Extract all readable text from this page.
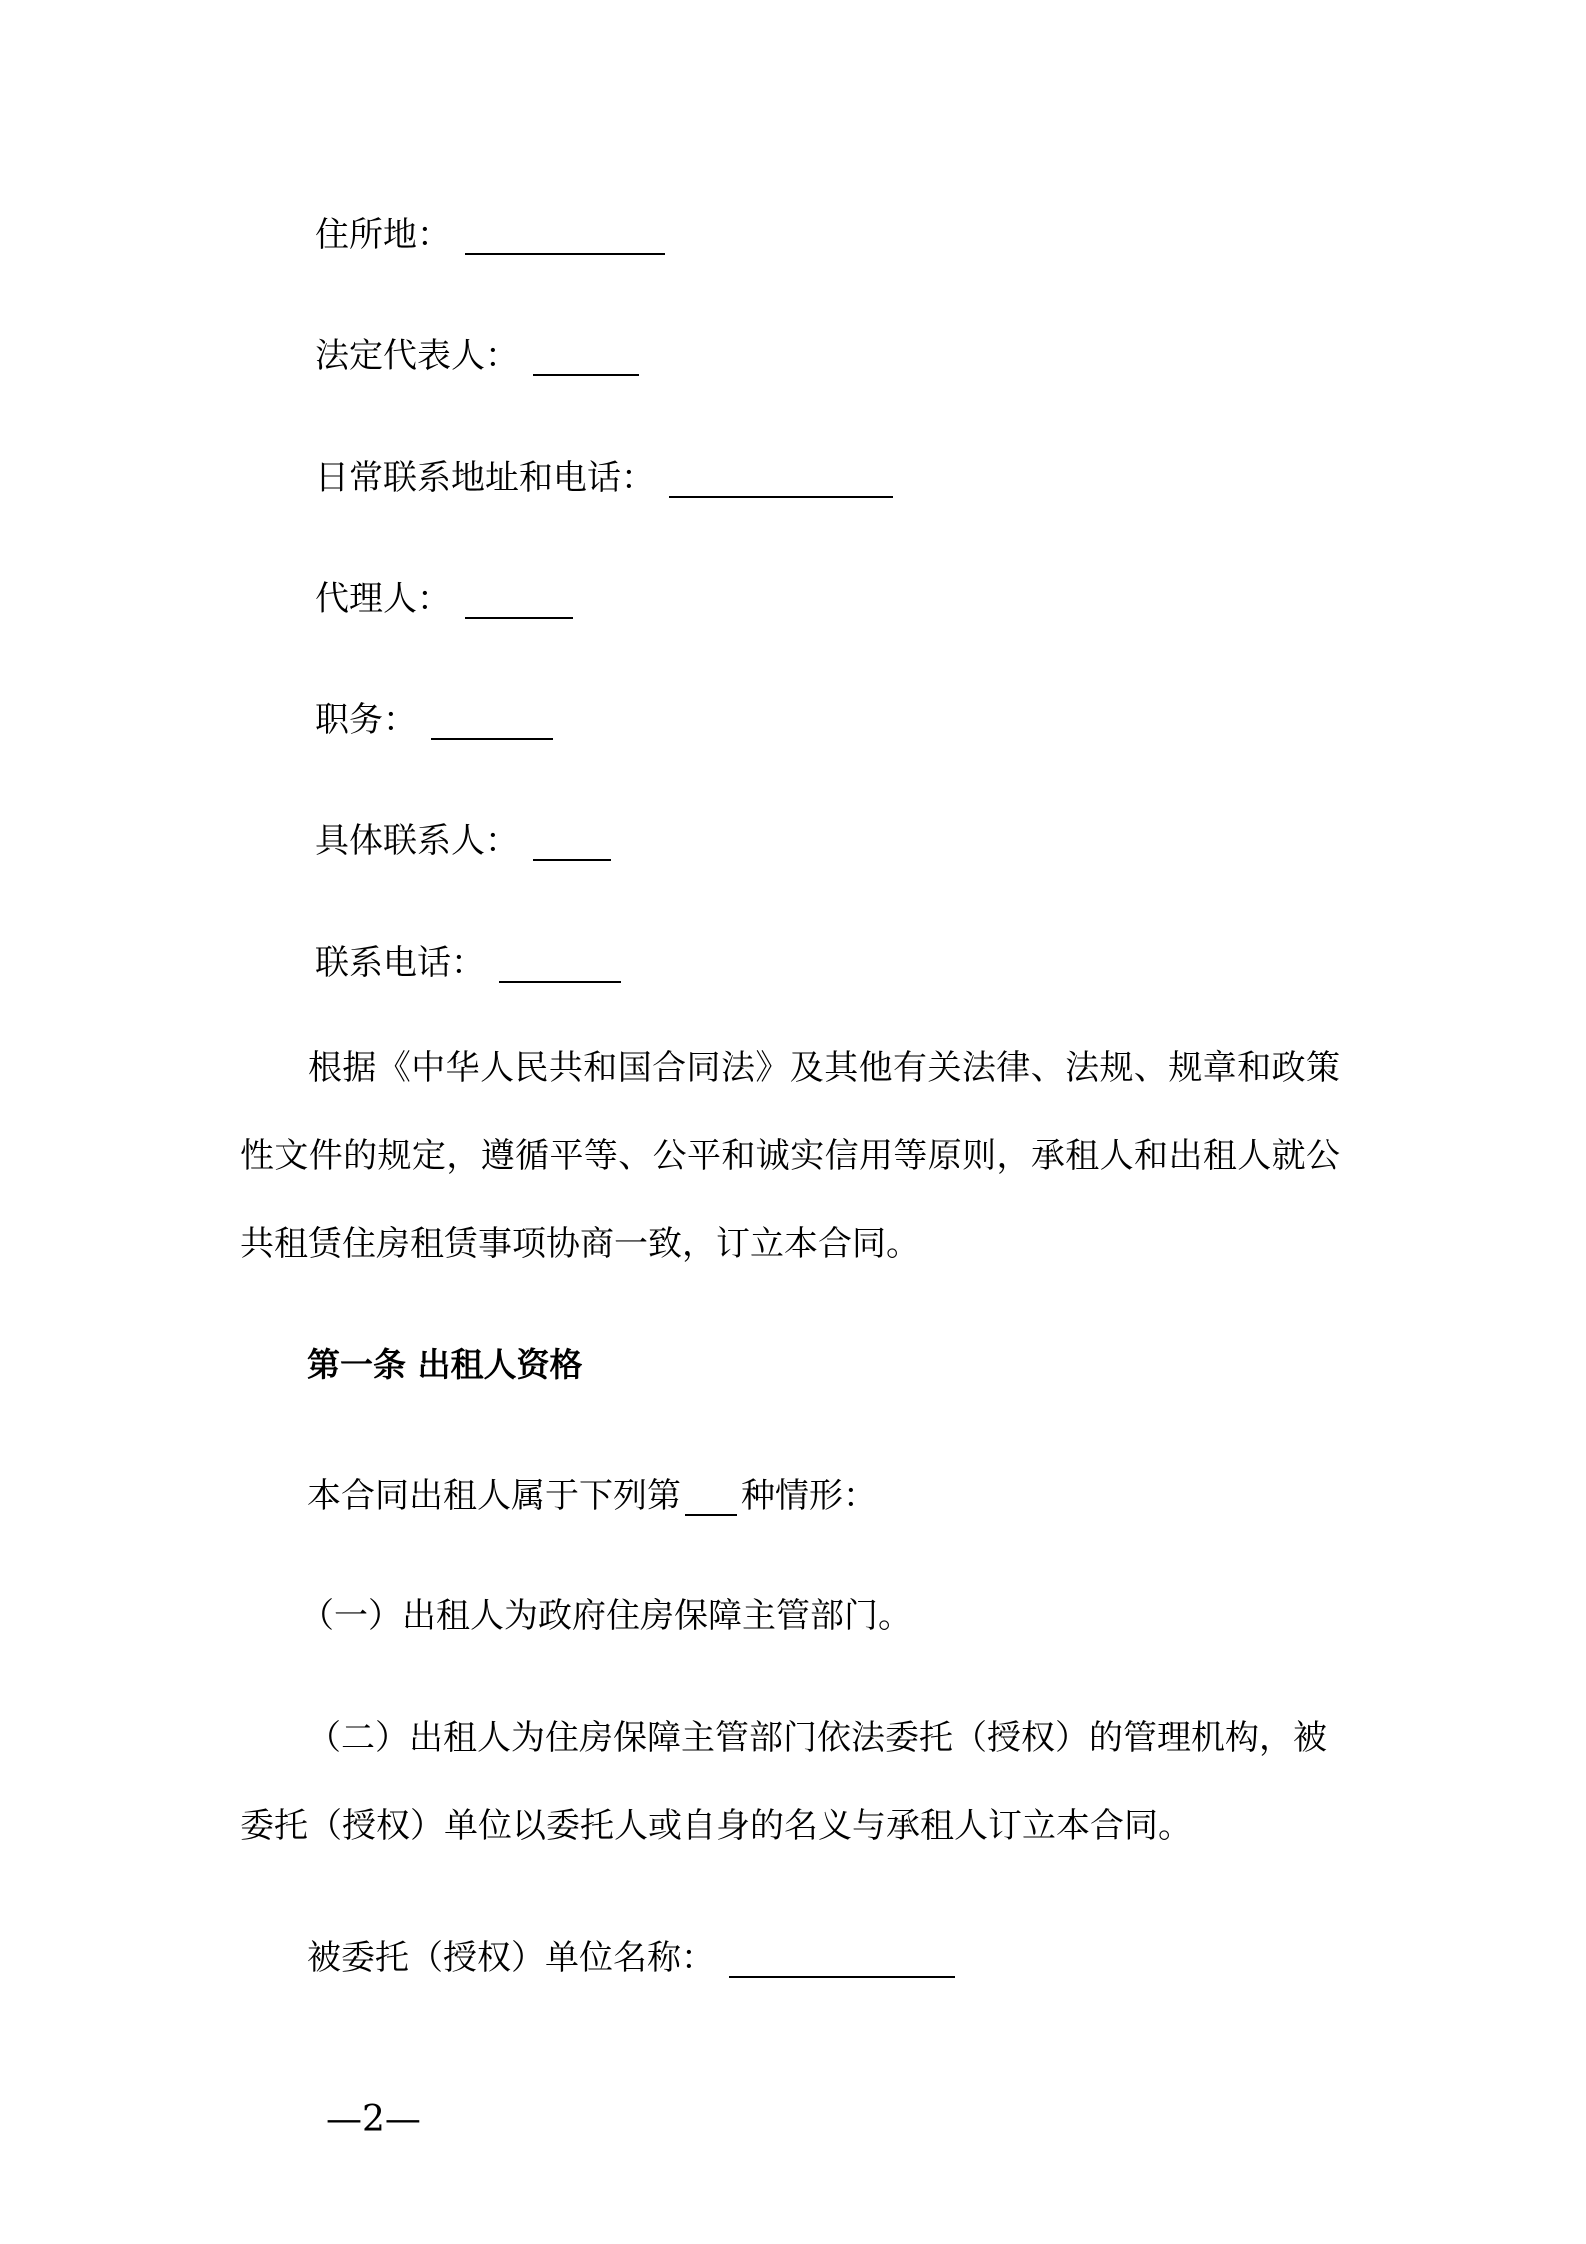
住所地：
法定代表人：
日常联系地址和电话：
代理人：
职务：
具体联系人：
联系电话：
根据《中华人民共和国合同法》及其他有关法律、法规、规章和政策性文件的规定，遵循平等、公平和诚实信用等原则，承租人和出租人就公共租赁住房租赁事项协商一致，订立本合同。
第一条 出租人资格
本合同出租人属于下列第 种情形：
（一）出租人为政府住房保障主管部门。
（二）出租人为住房保障主管部门依法委托（授权）的管理机构，被委托（授权）单位以委托人或自身的名义与承租人订立本合同。
被委托（授权）单位名称：
—2—
